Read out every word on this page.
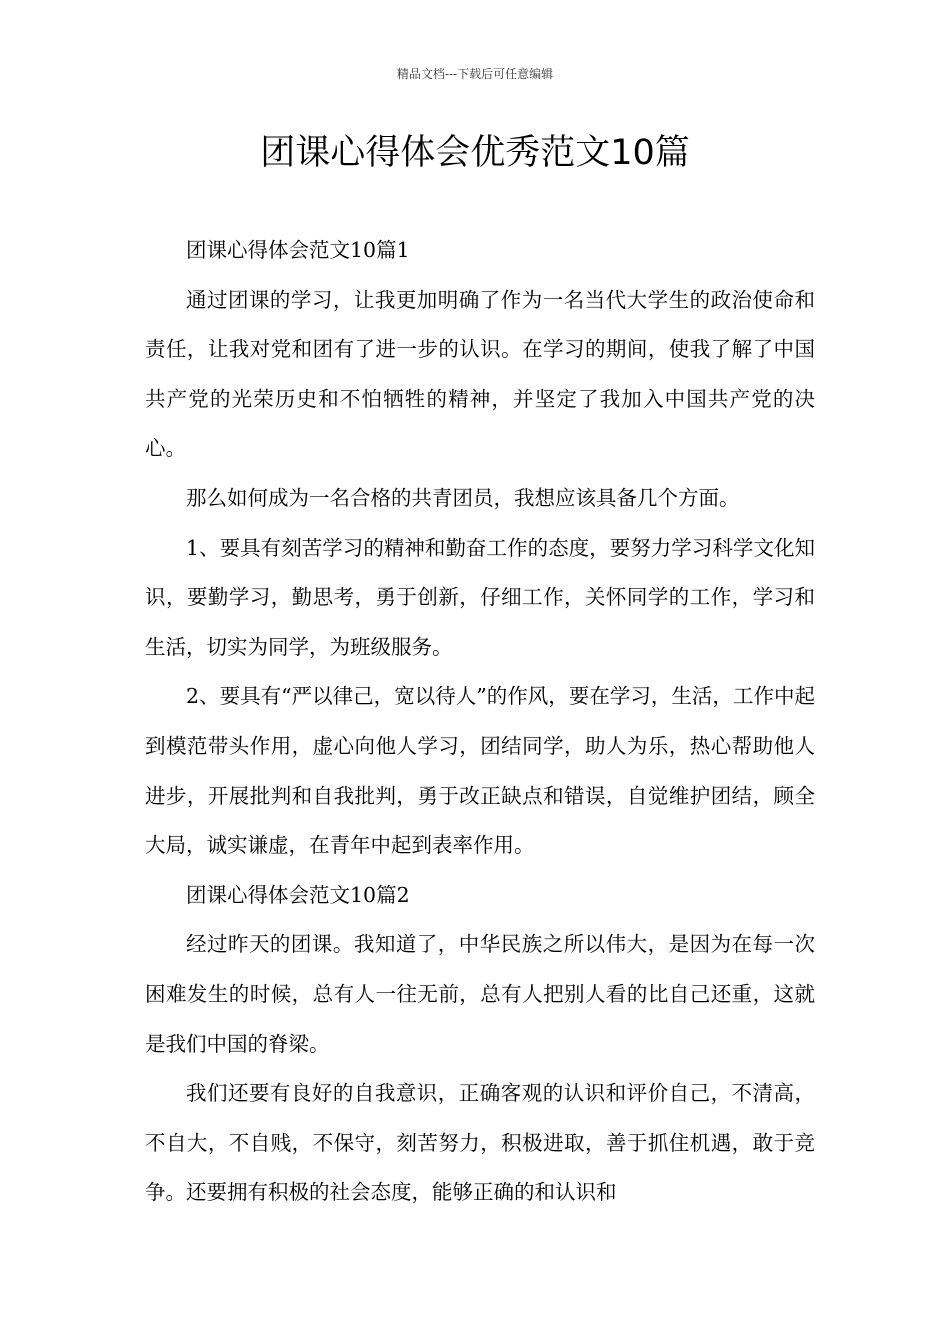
精品文档---下载后可任意编辑
团课心得体会优秀范文10篇

团课心得体会范文10篇1

通过团课的学习，让我更加明确了作为一名当代大学生的政治使命和责任，让我对党和团有了进一步的认识。在学习的期间，使我了解了中国共产党的光荣历史和不怕牺牲的精神，并坚定了我加入中国共产党的决心。

那么如何成为一名合格的共青团员，我想应该具备几个方面。

1、要具有刻苦学习的精神和勤奋工作的态度，要努力学习科学文化知识，要勤学习，勤思考，勇于创新，仔细工作，关怀同学的工作，学习和生活，切实为同学，为班级服务。

2、要具有“严以律己，宽以待人”的作风，要在学习，生活，工作中起到模范带头作用，虚心向他人学习，团结同学，助人为乐，热心帮助他人进步，开展批判和自我批判，勇于改正缺点和错误，自觉维护团结，顾全大局，诚实谦虚，在青年中起到表率作用。

团课心得体会范文10篇2

经过昨天的团课。我知道了，中华民族之所以伟大，是因为在每一次困难发生的时候，总有人一往无前，总有人把别人看的比自己还重，这就是我们中国的脊梁。

我们还要有良好的自我意识，正确客观的认识和评价自己，不清高，不自大，不自贱，不保守，刻苦努力，积极进取，善于抓住机遇，敢于竞争。还要拥有积极的社会态度，能够正确的和认识和
